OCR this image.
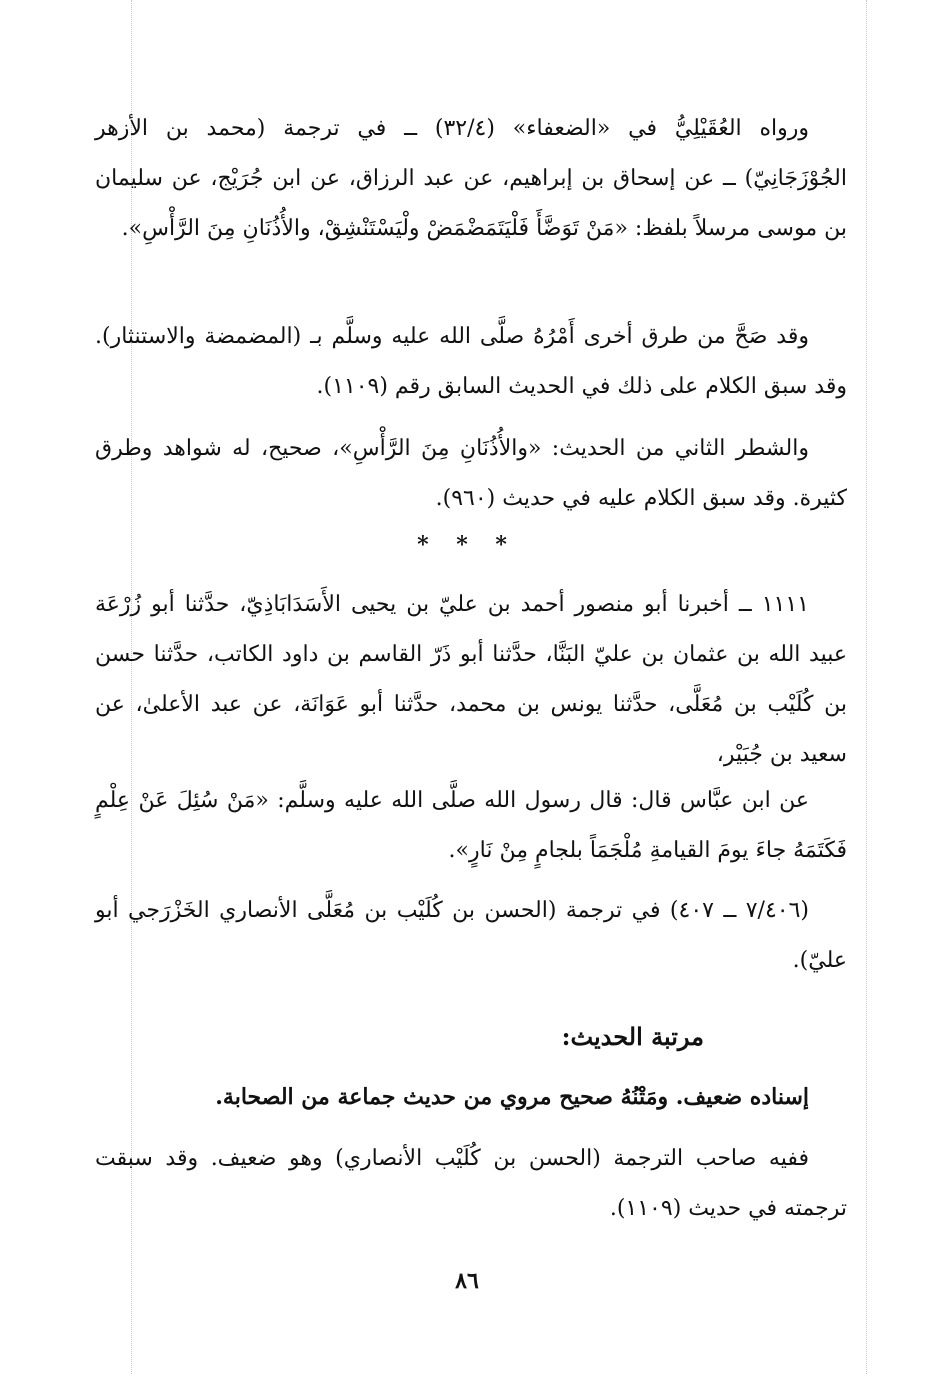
ورواه العُقَيْلِيُّ في «الضعفاء» (٣٢/٤) ــ في ترجمة (محمد بن الأزهر الجُوْزَجَانِيّ) ــ عن إسحاق بن إبراهيم، عن عبد الرزاق، عن ابن جُرَيْج، عن سليمان بن موسى مرسلاً بلفظ: «مَنْ تَوَضَّأَ فَلْيَتَمَضْمَضْ ولْيَسْتَنْشِقْ، والأُذُنَانِ مِنَ الرَّأْسِ».

وقد صَحَّ من طرق أخرى أَمْرُهُ صلَّى الله عليه وسلَّم بـ (المضمضة والاستنثار). وقد سبق الكلام على ذلك في الحديث السابق رقم (١١٠٩).

والشطر الثاني من الحديث: «والأُذُنَانِ مِنَ الرَّأْسِ»، صحيح، له شواهد وطرق كثيرة. وقد سبق الكلام عليه في حديث (٩٦٠).

* * *

١١١١ ــ أخبرنا أبو منصور أحمد بن عليّ بن يحيى الأَسَدَابَاذِيّ، حدَّثنا أبو زُرْعَة عبيد الله بن عثمان بن عليّ البَنَّا، حدَّثنا أبو ذَرّ القاسم بن داود الكاتب، حدَّثنا حسن بن كُلَيْب بن مُعَلَّى، حدَّثنا يونس بن محمد، حدَّثنا أبو عَوَانَة، عن عبد الأعلىٰ، عن سعيد بن جُبَيْر،

عن ابن عبَّاس قال: قال رسول الله صلَّى الله عليه وسلَّم: «مَنْ سُئِلَ عَنْ عِلْمٍ فَكَتَمَهُ جاءَ يومَ القيامةِ مُلْجَمَاً بلجامٍ مِنْ نَارٍ».

(٧/٤٠٦ ــ ٤٠٧) في ترجمة (الحسن بن كُلَيْب بن مُعَلَّى الأنصاري الخَزْرَجي أبو عليّ).

مرتبة الحديث:

إسناده ضعيف. ومَتْنُهُ صحيح مروي من حديث جماعة من الصحابة.

ففيه صاحب الترجمة (الحسن بن كُلَيْب الأنصاري) وهو ضعيف. وقد سبقت ترجمته في حديث (١١٠٩).

٨٦
